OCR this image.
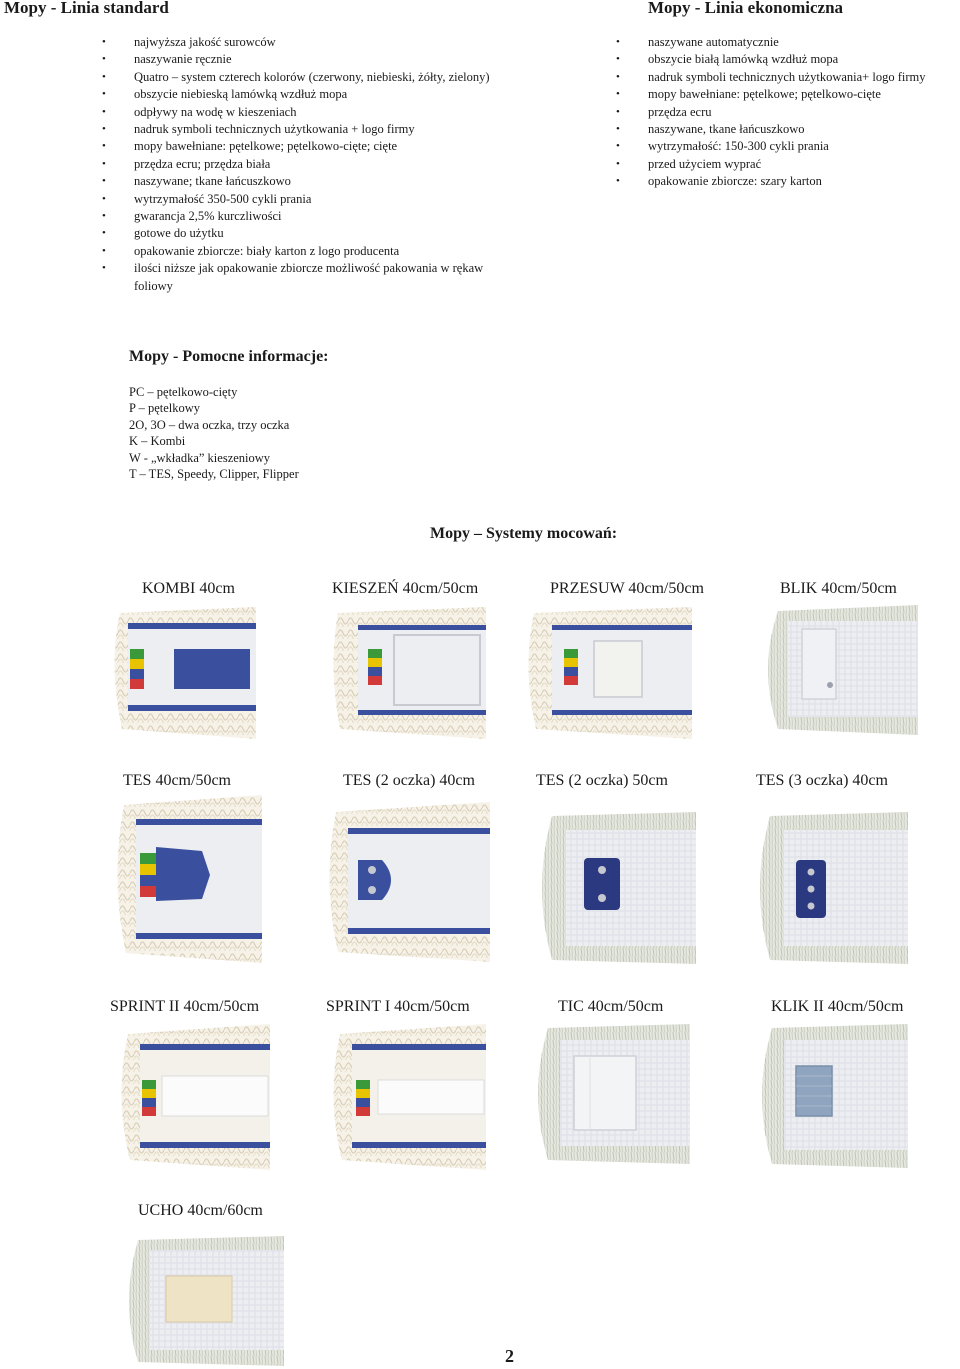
Mopy - Linia standard
• najwyższa jakość surowców
• naszywanie ręcznie
• Quatro – system czterech kolorów (czerwony, niebieski, żółty, zielony)
• obszycie niebieską lamówką wzdłuż mopa
• odpływy na wodę w kieszeniach
• nadruk symboli technicznych użytkowania + logo firmy
• mopy bawełniane: pętelkowe; pętelkowo-cięte; cięte
• przędza ecru; przędza biała
• naszywane; tkane łańcuszkowo
• wytrzymałość 350-500 cykli prania
• gwarancja 2,5% kurczliwości
• gotowe do użytku
• opakowanie zbiorcze: biały karton z logo producenta
• ilości niższe jak opakowanie zbiorcze możliwość pakowania w rękaw foliowy
Mopy - Linia ekonomiczna
• naszywane automatycznie
• obszycie białą lamówką wzdłuż mopa
• nadruk symboli technicznych użytkowania+ logo firmy
• mopy bawełniane: pętelkowe; pętelkowo-cięte
• przędza ecru
• naszywane, tkane łańcuszkowo
• wytrzymałość: 150-300 cykli prania
• przed użyciem wyprać
• opakowanie zbiorcze: szary karton
Mopy - Pomocne informacje:
PC – pętelkowo-cięty
P – pętelkowy
2O, 3O – dwa oczka, trzy oczka
K – Kombi
W - „wkładka” kieszeniowy
T – TES, Speedy, Clipper, Flipper
Mopy – Systemy mocowań:
KOMBI 40cm	KIESZEŃ 40cm/50cm	PRZESUW 40cm/50cm	BLIK 40cm/50cm
TES 40cm/50cm	TES (2 oczka) 40cm	TES (2 oczka) 50cm	TES (3 oczka) 40cm
SPRINT II 40cm/50cm	SPRINT I 40cm/50cm	TIC 40cm/50cm	KLIK II 40cm/50cm
UCHO 40cm/60cm
2
